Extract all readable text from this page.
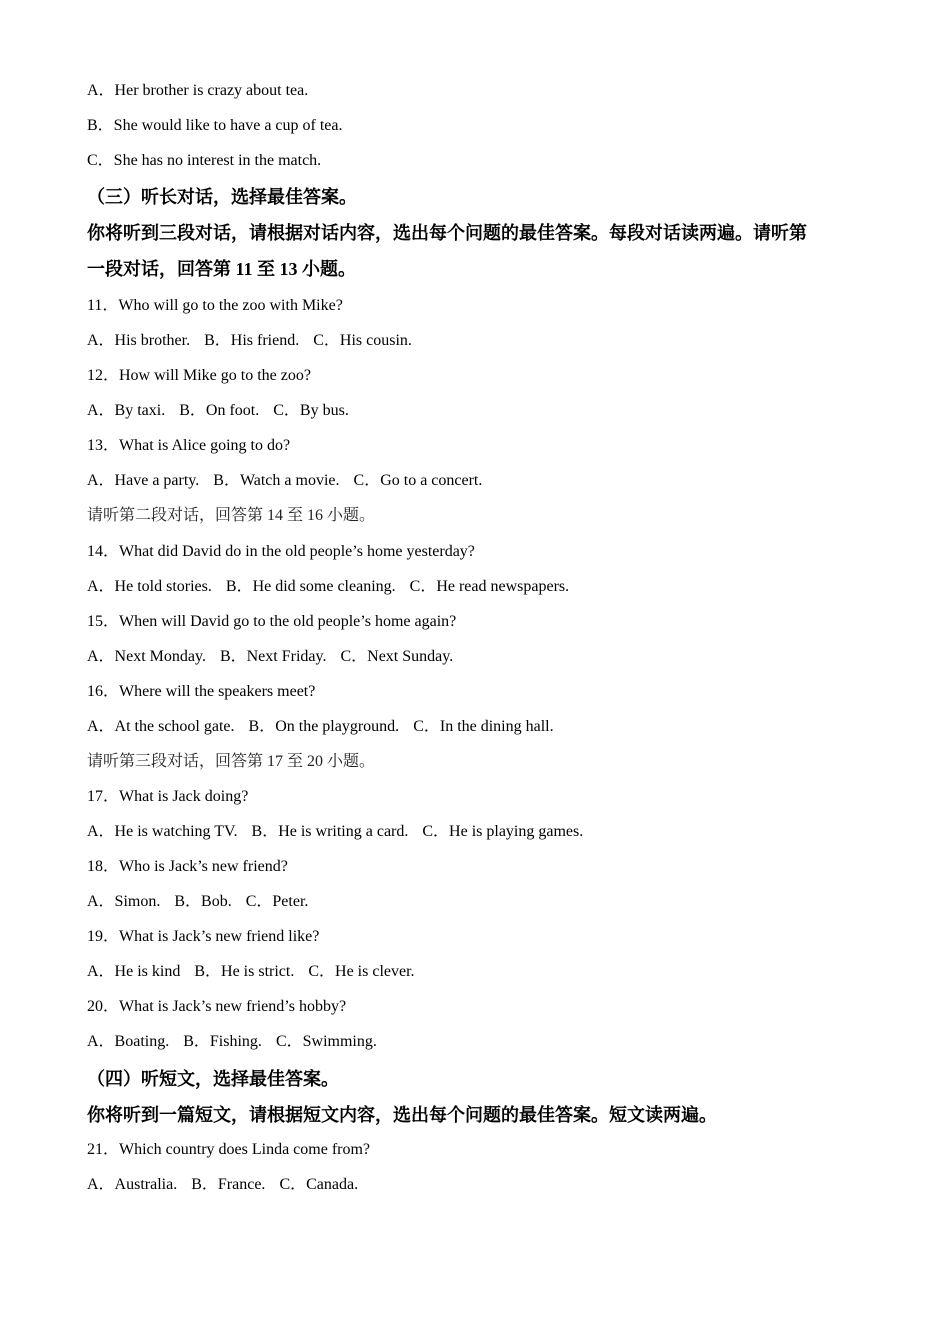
A．Her brother is crazy about tea.
B．She would like to have a cup of tea.
C．She has no interest in the match.
（三）听长对话，选择最佳答案。
你将听到三段对话，请根据对话内容，选出每个问题的最佳答案。每段对话读两遍。请听第
一段对话，回答第 11 至 13 小题。
11．Who will go to the zoo with Mike?
A．His brother. B．His friend. C．His cousin.
12．How will Mike go to the zoo?
A．By taxi. B．On foot. C．By bus.
13．What is Alice going to do?
A．Have a party. B．Watch a movie. C．Go to a concert.
请听第二段对话，回答第 14 至 16 小题。
14．What did David do in the old people’s home yesterday?
A．He told stories. B．He did some cleaning. C．He read newspapers.
15．When will David go to the old people’s home again?
A．Next Monday. B．Next Friday. C．Next Sunday.
16．Where will the speakers meet?
A．At the school gate. B．On the playground. C．In the dining hall.
请听第三段对话，回答第 17 至 20 小题。
17．What is Jack doing?
A．He is watching TV. B．He is writing a card. C．He is playing games.
18．Who is Jack’s new friend?
A．Simon. B．Bob. C．Peter.
19．What is Jack’s new friend like?
A．He is kind B．He is strict. C．He is clever.
20．What is Jack’s new friend’s hobby?
A．Boating. B．Fishing. C．Swimming.
（四）听短文，选择最佳答案。
你将听到一篇短文，请根据短文内容，选出每个问题的最佳答案。短文读两遍。
21．Which country does Linda come from?
A．Australia. B．France. C．Canada.
